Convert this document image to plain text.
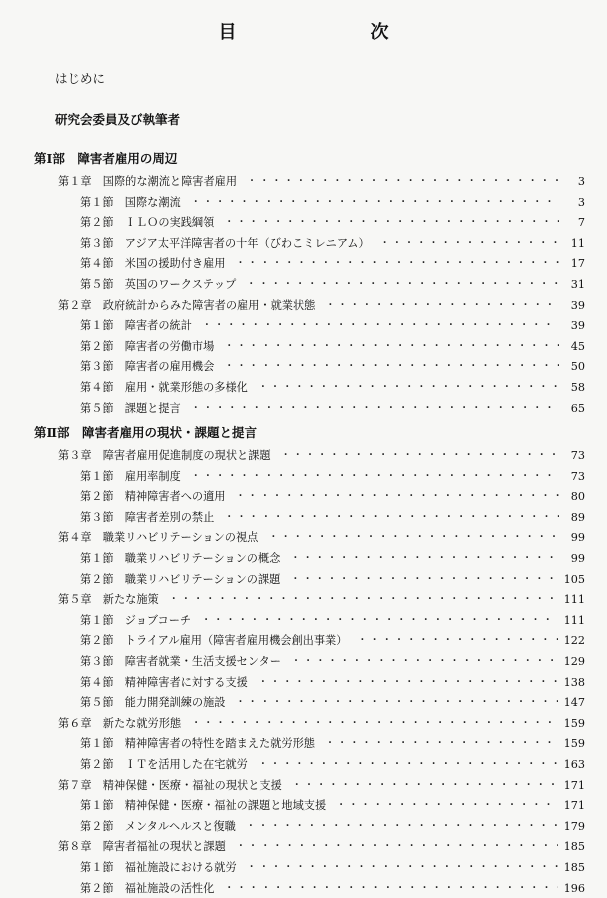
目　次
はじめに
研究会委員及び執筆者
第Ⅰ部　障害者雇用の周辺
第１章　国際的な潮流と障害者雇用 ・・・・・・・・・・・・・・・・・・・・・・・・・・・・・・・・・・・・・・・・・・・・・・・・・・・・・	3
第１節　国際な潮流 ・・・・・・・・・・・・・・・・・・・・・・・・・・・・・・・・・・・・・・・・・・・・・・・・・・・・・	3
第２節　ＩＬＯの実践綱領 ・・・・・・・・・・・・・・・・・・・・・・・・・・・・・・・・・・・・・・・・・・・・・・・・・・・・・	7
第３節　アジア太平洋障害者の十年（びわこミレニアム） ・・・・・・・・・・・・・・・・・・・・・・・・・・・・・・・・・・・・・・・・・・・・・・・・・・・・・	11
第４節　米国の援助付き雇用 ・・・・・・・・・・・・・・・・・・・・・・・・・・・・・・・・・・・・・・・・・・・・・・・・・・・・・	17
第５節　英国のワークステップ ・・・・・・・・・・・・・・・・・・・・・・・・・・・・・・・・・・・・・・・・・・・・・・・・・・・・・	31
第２章　政府統計からみた障害者の雇用・就業状態 ・・・・・・・・・・・・・・・・・・・・・・・・・・・・・・・・・・・・・・・・・・・・・・・・・・・・・	39
第１節　障害者の統計 ・・・・・・・・・・・・・・・・・・・・・・・・・・・・・・・・・・・・・・・・・・・・・・・・・・・・・	39
第２節　障害者の労働市場 ・・・・・・・・・・・・・・・・・・・・・・・・・・・・・・・・・・・・・・・・・・・・・・・・・・・・・	45
第３節　障害者の雇用機会 ・・・・・・・・・・・・・・・・・・・・・・・・・・・・・・・・・・・・・・・・・・・・・・・・・・・・・	50
第４節　雇用・就業形態の多様化 ・・・・・・・・・・・・・・・・・・・・・・・・・・・・・・・・・・・・・・・・・・・・・・・・・・・・・	58
第５節　課題と提言 ・・・・・・・・・・・・・・・・・・・・・・・・・・・・・・・・・・・・・・・・・・・・・・・・・・・・・	65
第Ⅱ部　障害者雇用の現状・課題と提言
第３章　障害者雇用促進制度の現状と課題 ・・・・・・・・・・・・・・・・・・・・・・・・・・・・・・・・・・・・・・・・・・・・・・・・・・・・・	73
第１節　雇用率制度 ・・・・・・・・・・・・・・・・・・・・・・・・・・・・・・・・・・・・・・・・・・・・・・・・・・・・・	73
第２節　精神障害者への適用 ・・・・・・・・・・・・・・・・・・・・・・・・・・・・・・・・・・・・・・・・・・・・・・・・・・・・・	80
第３節　障害者差別の禁止 ・・・・・・・・・・・・・・・・・・・・・・・・・・・・・・・・・・・・・・・・・・・・・・・・・・・・・	89
第４章　職業リハビリテーションの視点 ・・・・・・・・・・・・・・・・・・・・・・・・・・・・・・・・・・・・・・・・・・・・・・・・・・・・・	99
第１節　職業リハビリテーションの概念 ・・・・・・・・・・・・・・・・・・・・・・・・・・・・・・・・・・・・・・・・・・・・・・・・・・・・・	99
第２節　職業リハビリテーションの課題 ・・・・・・・・・・・・・・・・・・・・・・・・・・・・・・・・・・・・・・・・・・・・・・・・・・・・・	105
第５章　新たな施策 ・・・・・・・・・・・・・・・・・・・・・・・・・・・・・・・・・・・・・・・・・・・・・・・・・・・・・	111
第１節　ジョブコーチ ・・・・・・・・・・・・・・・・・・・・・・・・・・・・・・・・・・・・・・・・・・・・・・・・・・・・・	111
第２節　トライアル雇用（障害者雇用機会創出事業） ・・・・・・・・・・・・・・・・・・・・・・・・・・・・・・・・・・・・・・・・・・・・・・・・・・・・・	122
第３節　障害者就業・生活支援センター ・・・・・・・・・・・・・・・・・・・・・・・・・・・・・・・・・・・・・・・・・・・・・・・・・・・・・	129
第４節　精神障害者に対する支援 ・・・・・・・・・・・・・・・・・・・・・・・・・・・・・・・・・・・・・・・・・・・・・・・・・・・・・	138
第５節　能力開発訓練の施設 ・・・・・・・・・・・・・・・・・・・・・・・・・・・・・・・・・・・・・・・・・・・・・・・・・・・・・	147
第６章　新たな就労形態 ・・・・・・・・・・・・・・・・・・・・・・・・・・・・・・・・・・・・・・・・・・・・・・・・・・・・・	159
第１節　精神障害者の特性を踏まえた就労形態 ・・・・・・・・・・・・・・・・・・・・・・・・・・・・・・・・・・・・・・・・・・・・・・・・・・・・・	159
第２節　ＩＴを活用した在宅就労 ・・・・・・・・・・・・・・・・・・・・・・・・・・・・・・・・・・・・・・・・・・・・・・・・・・・・・	163
第７章　精神保健・医療・福祉の現状と支援 ・・・・・・・・・・・・・・・・・・・・・・・・・・・・・・・・・・・・・・・・・・・・・・・・・・・・・	171
第１節　精神保健・医療・福祉の課題と地域支援 ・・・・・・・・・・・・・・・・・・・・・・・・・・・・・・・・・・・・・・・・・・・・・・・・・・・・・	171
第２節　メンタルヘルスと復職 ・・・・・・・・・・・・・・・・・・・・・・・・・・・・・・・・・・・・・・・・・・・・・・・・・・・・・	179
第８章　障害者福祉の現状と課題 ・・・・・・・・・・・・・・・・・・・・・・・・・・・・・・・・・・・・・・・・・・・・・・・・・・・・・	185
第１節　福祉施設における就労 ・・・・・・・・・・・・・・・・・・・・・・・・・・・・・・・・・・・・・・・・・・・・・・・・・・・・・	185
第２節　福祉施設の活性化 ・・・・・・・・・・・・・・・・・・・・・・・・・・・・・・・・・・・・・・・・・・・・・・・・・・・・・	196
